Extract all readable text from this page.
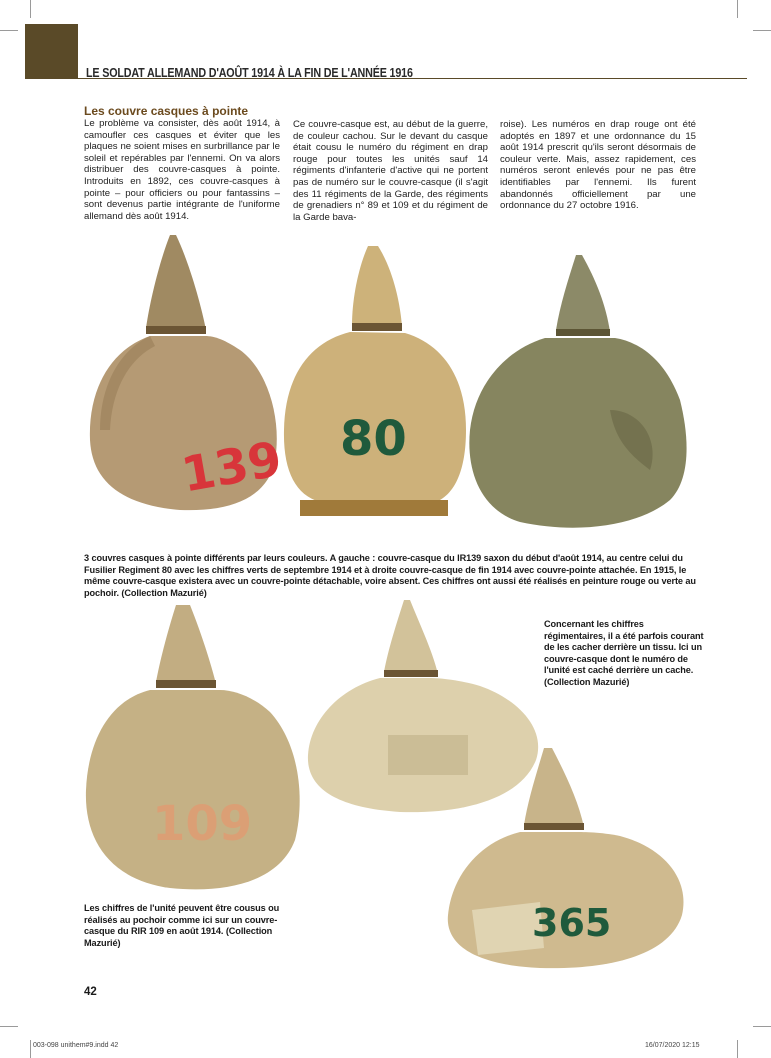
LE SOLDAT ALLEMAND D'AOÛT 1914 À LA FIN DE L'ANNÉE 1916
Les couvre casques à pointe
Le problème va consister, dès août 1914, à camoufler ces casques et éviter que les plaques ne soient mises en surbrillance par le soleil et repérables par l'ennemi. On va alors distribuer des couvre-casques à pointe. Introduits en 1892, ces couvre-casques à pointe – pour officiers ou pour fantassins – sont devenus partie intégrante de l'uniforme allemand dès août 1914.
Ce couvre-casque est, au début de la guerre, de couleur cachou. Sur le devant du casque était cousu le numéro du régiment en drap rouge pour toutes les unités sauf 14 régiments d'infanterie d'active qui ne portent pas de numéro sur le couvre-casque (il s'agit des 11 régiments de la Garde, des régiments de grenadiers n° 89 et 109 et du régiment de la Garde bava-
roise). Les numéros en drap rouge ont été adoptés en 1897 et une ordonnance du 15 août 1914 prescrit qu'ils seront désormais de couleur verte. Mais, assez rapidement, ces numéros seront enlevés pour ne pas être identifiables par l'ennemi. Ils furent abandonnés officiellement par une ordonnance du 27 octobre 1916.
139 80
109
365
3 couvres casques à pointe différents par leurs couleurs. A gauche : couvre-casque du IR139 saxon du début d'août 1914, au centre celui du Fusilier Regiment 80 avec les chiffres verts de septembre 1914 et à droite couvre-casque de fin 1914 avec couvre-pointe attachée. En 1915, le même couvre-casque existera avec un couvre-pointe détachable, voire absent. Ces chiffres ont aussi été réalisés en peinture rouge ou verte au pochoir. (Collection Mazurié)
Concernant les chiffres régimentaires, il a été parfois courant de les cacher derrière un tissu. Ici un couvre-casque dont le numéro de l'unité est caché derrière un cache. (Collection Mazurié)
Les chiffres de l'unité peuvent être cousus ou réalisés au pochoir comme ici sur un couvre-casque du RIR 109 en août 1914. (Collection Mazurié)
42
003-098 unithem#9.indd 42	16/07/2020 12:15
